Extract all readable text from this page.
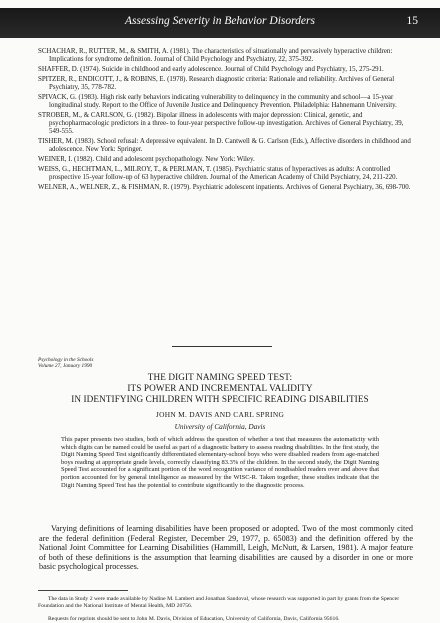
Assessing Severity in Behavior Disorders	15

SCHACHAR, R., RUTTER, M., & SMITH, A. (1981). The characteristics of situationally and pervasively hyperactive children: Implications for syndrome definition. Journal of Child Psychology and Psychiatry, 22, 375-392.

SHAFFER, D. (1974). Suicide in childhood and early adolescence. Journal of Child Psychology and Psychiatry, 15, 275-291.

SPITZER, R., ENDICOTT, J., & ROBINS, E. (1978). Research diagnostic criteria: Rationale and reliability. Archives of General Psychiatry, 35, 778-782.

SPIVACK, G. (1983). High risk early behaviors indicating vulnerability to delinquency in the community and school—a 15-year longitudinal study. Report to the Office of Juvenile Justice and Delinquency Prevention. Philadelphia: Hahnemann University.

STROBER, M., & CARLSON, G. (1982). Bipolar illness in adolescents with major depression: Clinical, genetic, and psychopharmacologic predictors in a three- to four-year perspective follow-up investigation. Archives of General Psychiatry, 39, 549-555.

TISHER, M. (1983). School refusal: A depressive equivalent. In D. Cantwell & G. Carlson (Eds.), Affective disorders in childhood and adolescence. New York: Springer.

WEINER, I. (1982). Child and adolescent psychopathology. New York: Wiley.

WEISS, G., HECHTMAN, L., MILROY, T., & PERLMAN, T. (1985). Psychiatric status of hyperactives as adults: A controlled prospective 15-year follow-up of 63 hyperactive children. Journal of the American Academy of Child Psychiatry, 24, 211-220.

WELNER, A., WELNER, Z., & FISHMAN, R. (1979). Psychiatric adolescent inpatients. Archives of General Psychiatry, 36, 698-700.

Psychology in the Schools
Volume 27, January 1990
THE DIGIT NAMING SPEED TEST:
ITS POWER AND INCREMENTAL VALIDITY
IN IDENTIFYING CHILDREN WITH SPECIFIC READING DISABILITIES
JOHN M. DAVIS AND CARL SPRING
University of California, Davis

This paper presents two studies, both of which address the question of whether a test that measures the automaticity with which digits can be named could be useful as part of a diagnostic battery to assess reading disabilities. In the first study, the Digit Naming Speed Test significantly differentiated elementary-school boys who were disabled readers from age-matched boys reading at appropriate grade levels, correctly classifying 83.3% of the children. In the second study, the Digit Naming Speed Test accounted for a significant portion of the word recognition variance of nondisabled readers over and above that portion accounted for by general intelligence as measured by the WISC-R. Taken together, these studies indicate that the Digit Naming Speed Test has the potential to contribute significantly to the diagnostic process.

Varying definitions of learning disabilities have been proposed or adopted. Two of the most commonly cited are the federal definition (Federal Register, December 29, 1977, p. 65083) and the definition offered by the National Joint Committee for Learning Disabilities (Hammill, Leigh, McNutt, & Larsen, 1981). A major feature of both of these definitions is the assumption that learning disabilities are caused by a disorder in one or more basic psychological processes.

The data in Study 2 were made available by Nadine M. Lambert and Jonathan Sandoval, whose research was supported in part by grants from the Spencer Foundation and the National Institute of Mental Health, MD 20756.

Requests for reprints should be sent to John M. Davis, Division of Education, University of California, Davis, California 95616.
